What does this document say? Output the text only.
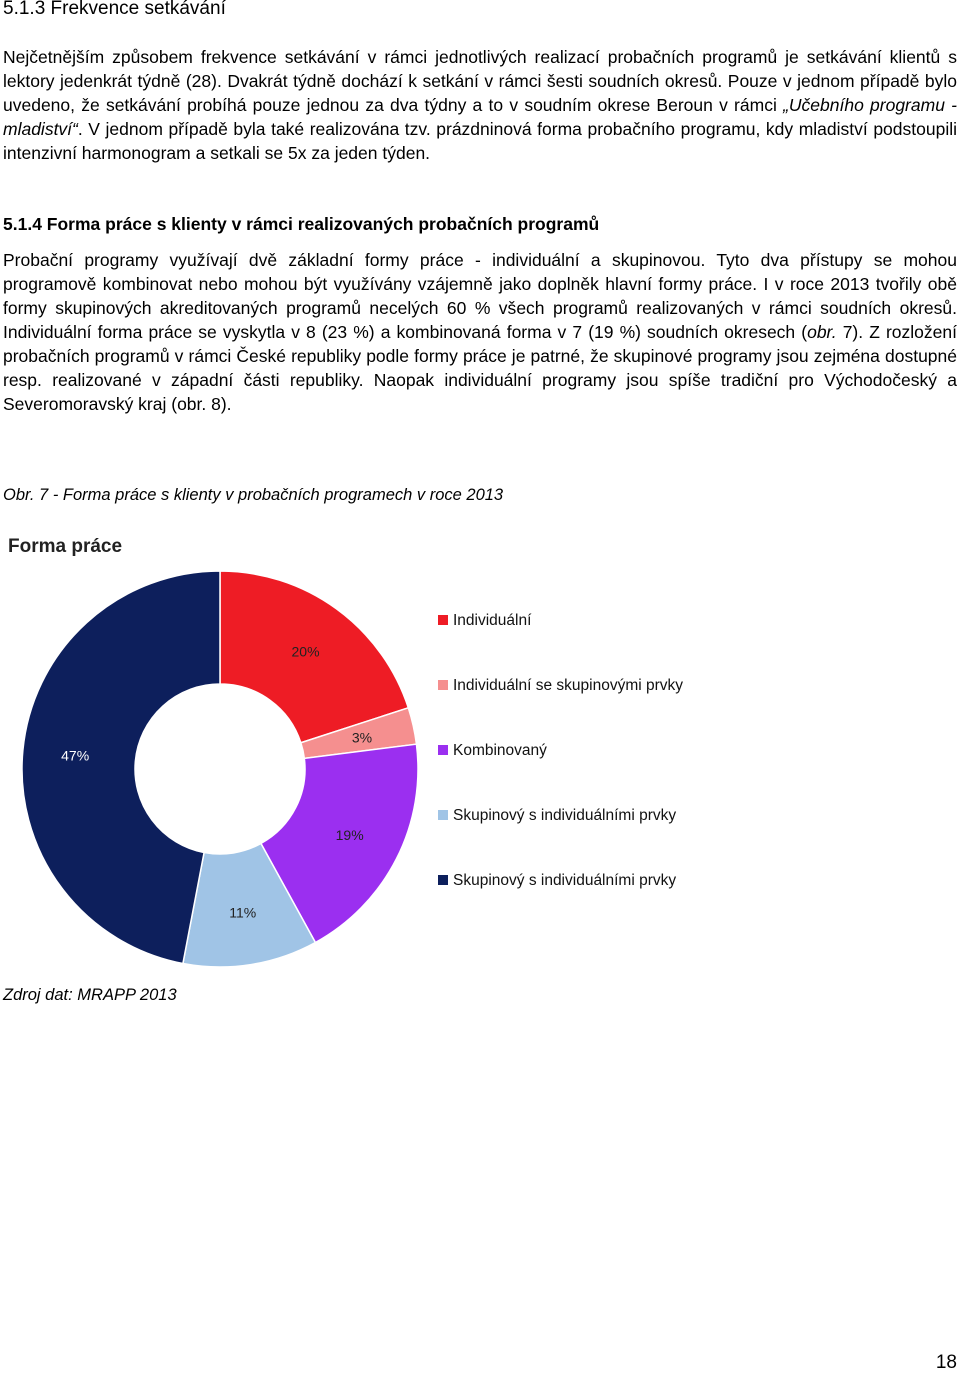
5.1.3 Frekvence setkávání

Nejčetnějším způsobem frekvence setkávání v rámci jednotlivých realizací probačních programů je setkávání klientů s lektory jedenkrát týdně (28). Dvakrát týdně dochází k setkání v rámci šesti soudních okresů. Pouze v jednom případě bylo uvedeno, že setkávání probíhá pouze jednou za dva týdny a to v soudním okrese Beroun v rámci „Učebního programu - mladiství“. V jednom případě byla také realizována tzv. prázdninová forma probačního programu, kdy mladiství podstoupili intenzivní harmonogram a setkali se 5x za jeden týden.

5.1.4 Forma práce s klienty v rámci realizovaných probačních programů

Probační programy využívají dvě základní formy práce - individuální a skupinovou. Tyto dva přístupy se mohou programově kombinovat nebo mohou být využívány vzájemně jako doplněk hlavní formy práce. I v roce 2013 tvořily obě formy skupinových akreditovaných programů necelých 60 % všech programů realizovaných v rámci soudních okresů. Individuální forma práce se vyskytla v 8 (23 %) a kombinovaná forma v 7 (19 %) soudních okresech (obr. 7). Z rozložení probačních programů v rámci České republiky podle formy práce je patrné, že skupinové programy jsou zejména dostupné resp. realizované v západní části republiky. Naopak individuální programy jsou spíše tradiční pro Východočeský a Severomoravský kraj (obr. 8).

Obr. 7 - Forma práce s klienty v probačních programech v roce 2013
Forma práce
20%
3%
19%
11%
47%
Individuální
Individuální se skupinovými prvky
Kombinovaný
Skupinový s individuálními prvky
Skupinový s individuálními prvky
Zdroj dat: MRAPP 2013
18
